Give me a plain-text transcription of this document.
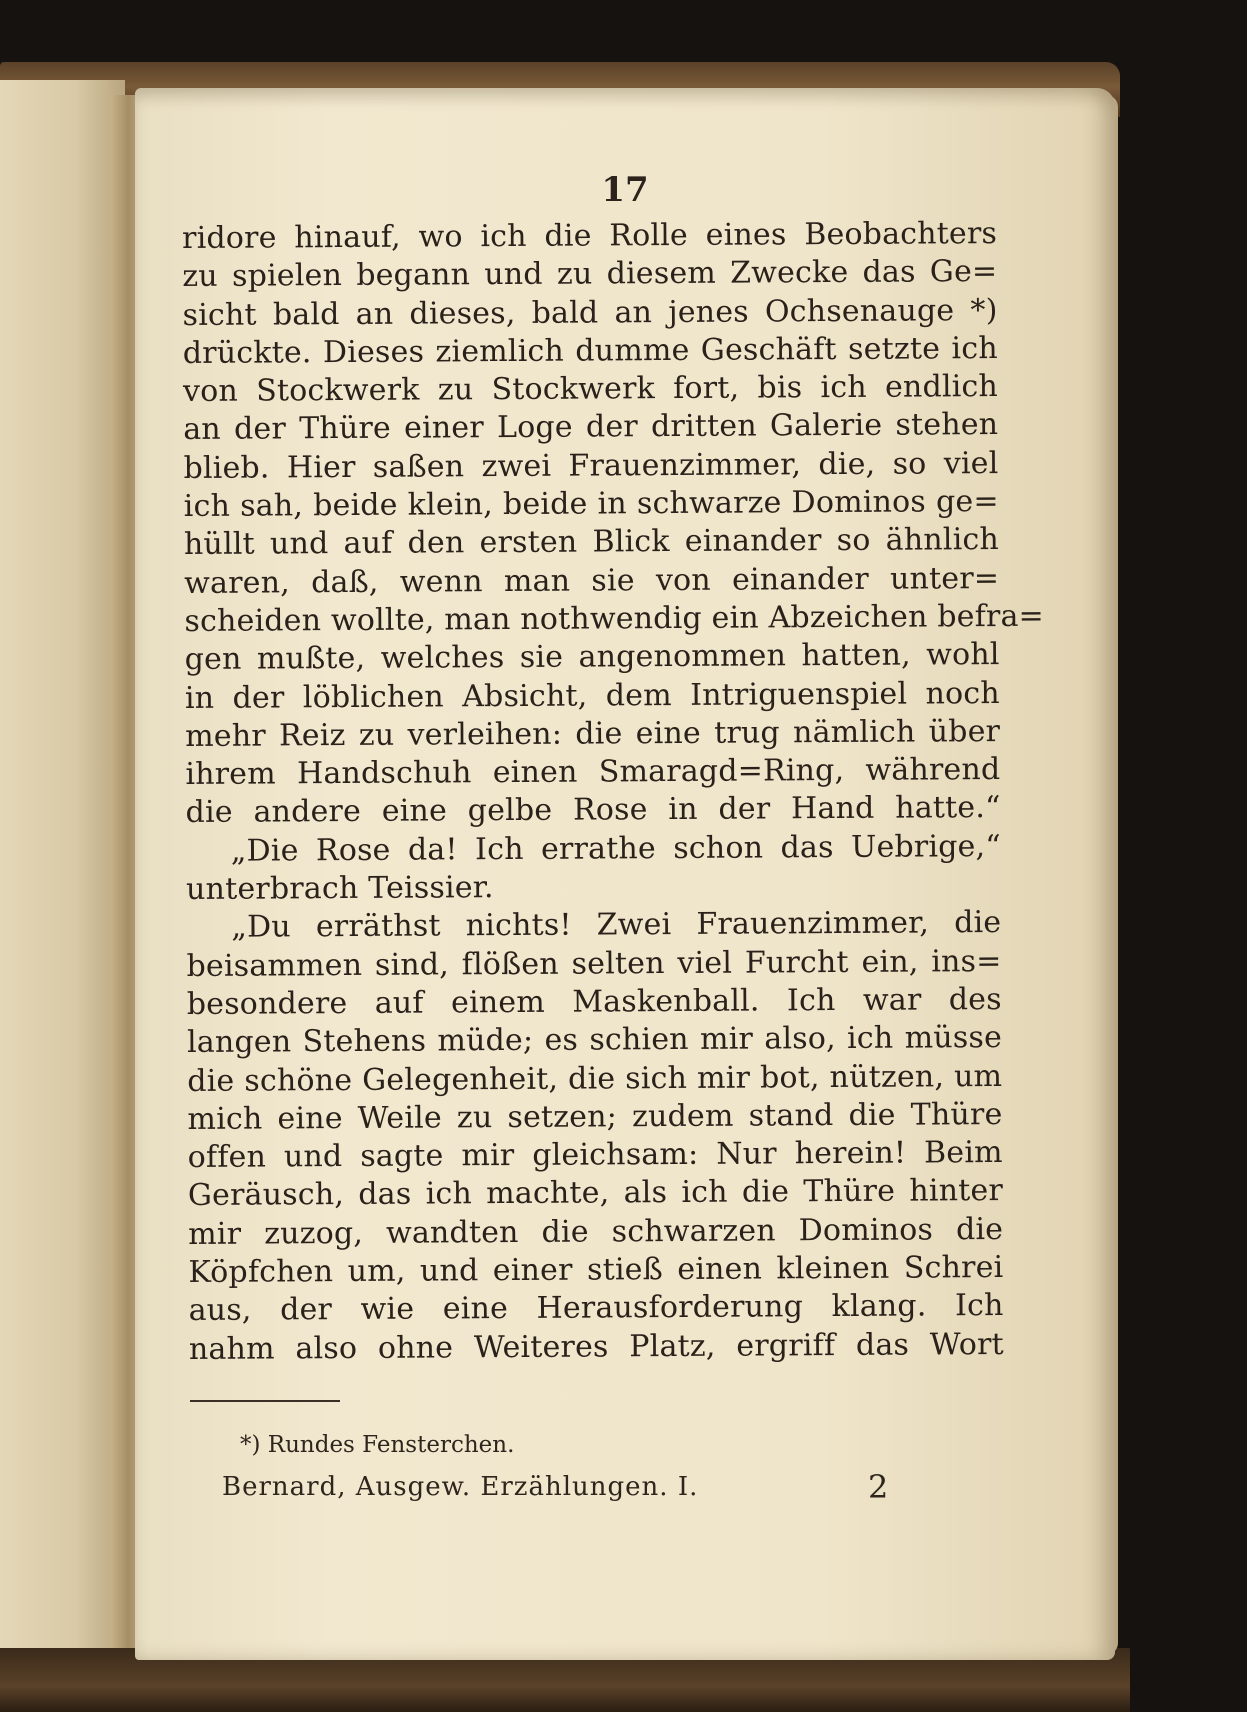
17
ridore hinauf, wo ich die Rolle eines Beobachters
zu spielen begann und zu diesem Zwecke das Ge=
sicht bald an dieses, bald an jenes Ochsenauge *)
drückte. Dieses ziemlich dumme Geschäft setzte ich
von Stockwerk zu Stockwerk fort, bis ich endlich
an der Thüre einer Loge der dritten Galerie stehen
blieb. Hier saßen zwei Frauenzimmer, die, so viel
ich sah, beide klein, beide in schwarze Dominos ge=
hüllt und auf den ersten Blick einander so ähnlich
waren, daß, wenn man sie von einander unter=
scheiden wollte, man nothwendig ein Abzeichen befra=
gen mußte, welches sie angenommen hatten, wohl
in der löblichen Absicht, dem Intriguenspiel noch
mehr Reiz zu verleihen: die eine trug nämlich über
ihrem Handschuh einen Smaragd=Ring, während
die andere eine gelbe Rose in der Hand hatte.“
„Die Rose da! Ich errathe schon das Uebrige,“
unterbrach Teissier.
„Du erräthst nichts! Zwei Frauenzimmer, die
beisammen sind, flößen selten viel Furcht ein, ins=
besondere auf einem Maskenball. Ich war des
langen Stehens müde; es schien mir also, ich müsse
die schöne Gelegenheit, die sich mir bot, nützen, um
mich eine Weile zu setzen; zudem stand die Thüre
offen und sagte mir gleichsam: Nur herein! Beim
Geräusch, das ich machte, als ich die Thüre hinter
mir zuzog, wandten die schwarzen Dominos die
Köpfchen um, und einer stieß einen kleinen Schrei
aus, der wie eine Herausforderung klang. Ich
nahm also ohne Weiteres Platz, ergriff das Wort
*) Rundes Fensterchen.
Bernard, Ausgew. Erzählungen. I.	2
